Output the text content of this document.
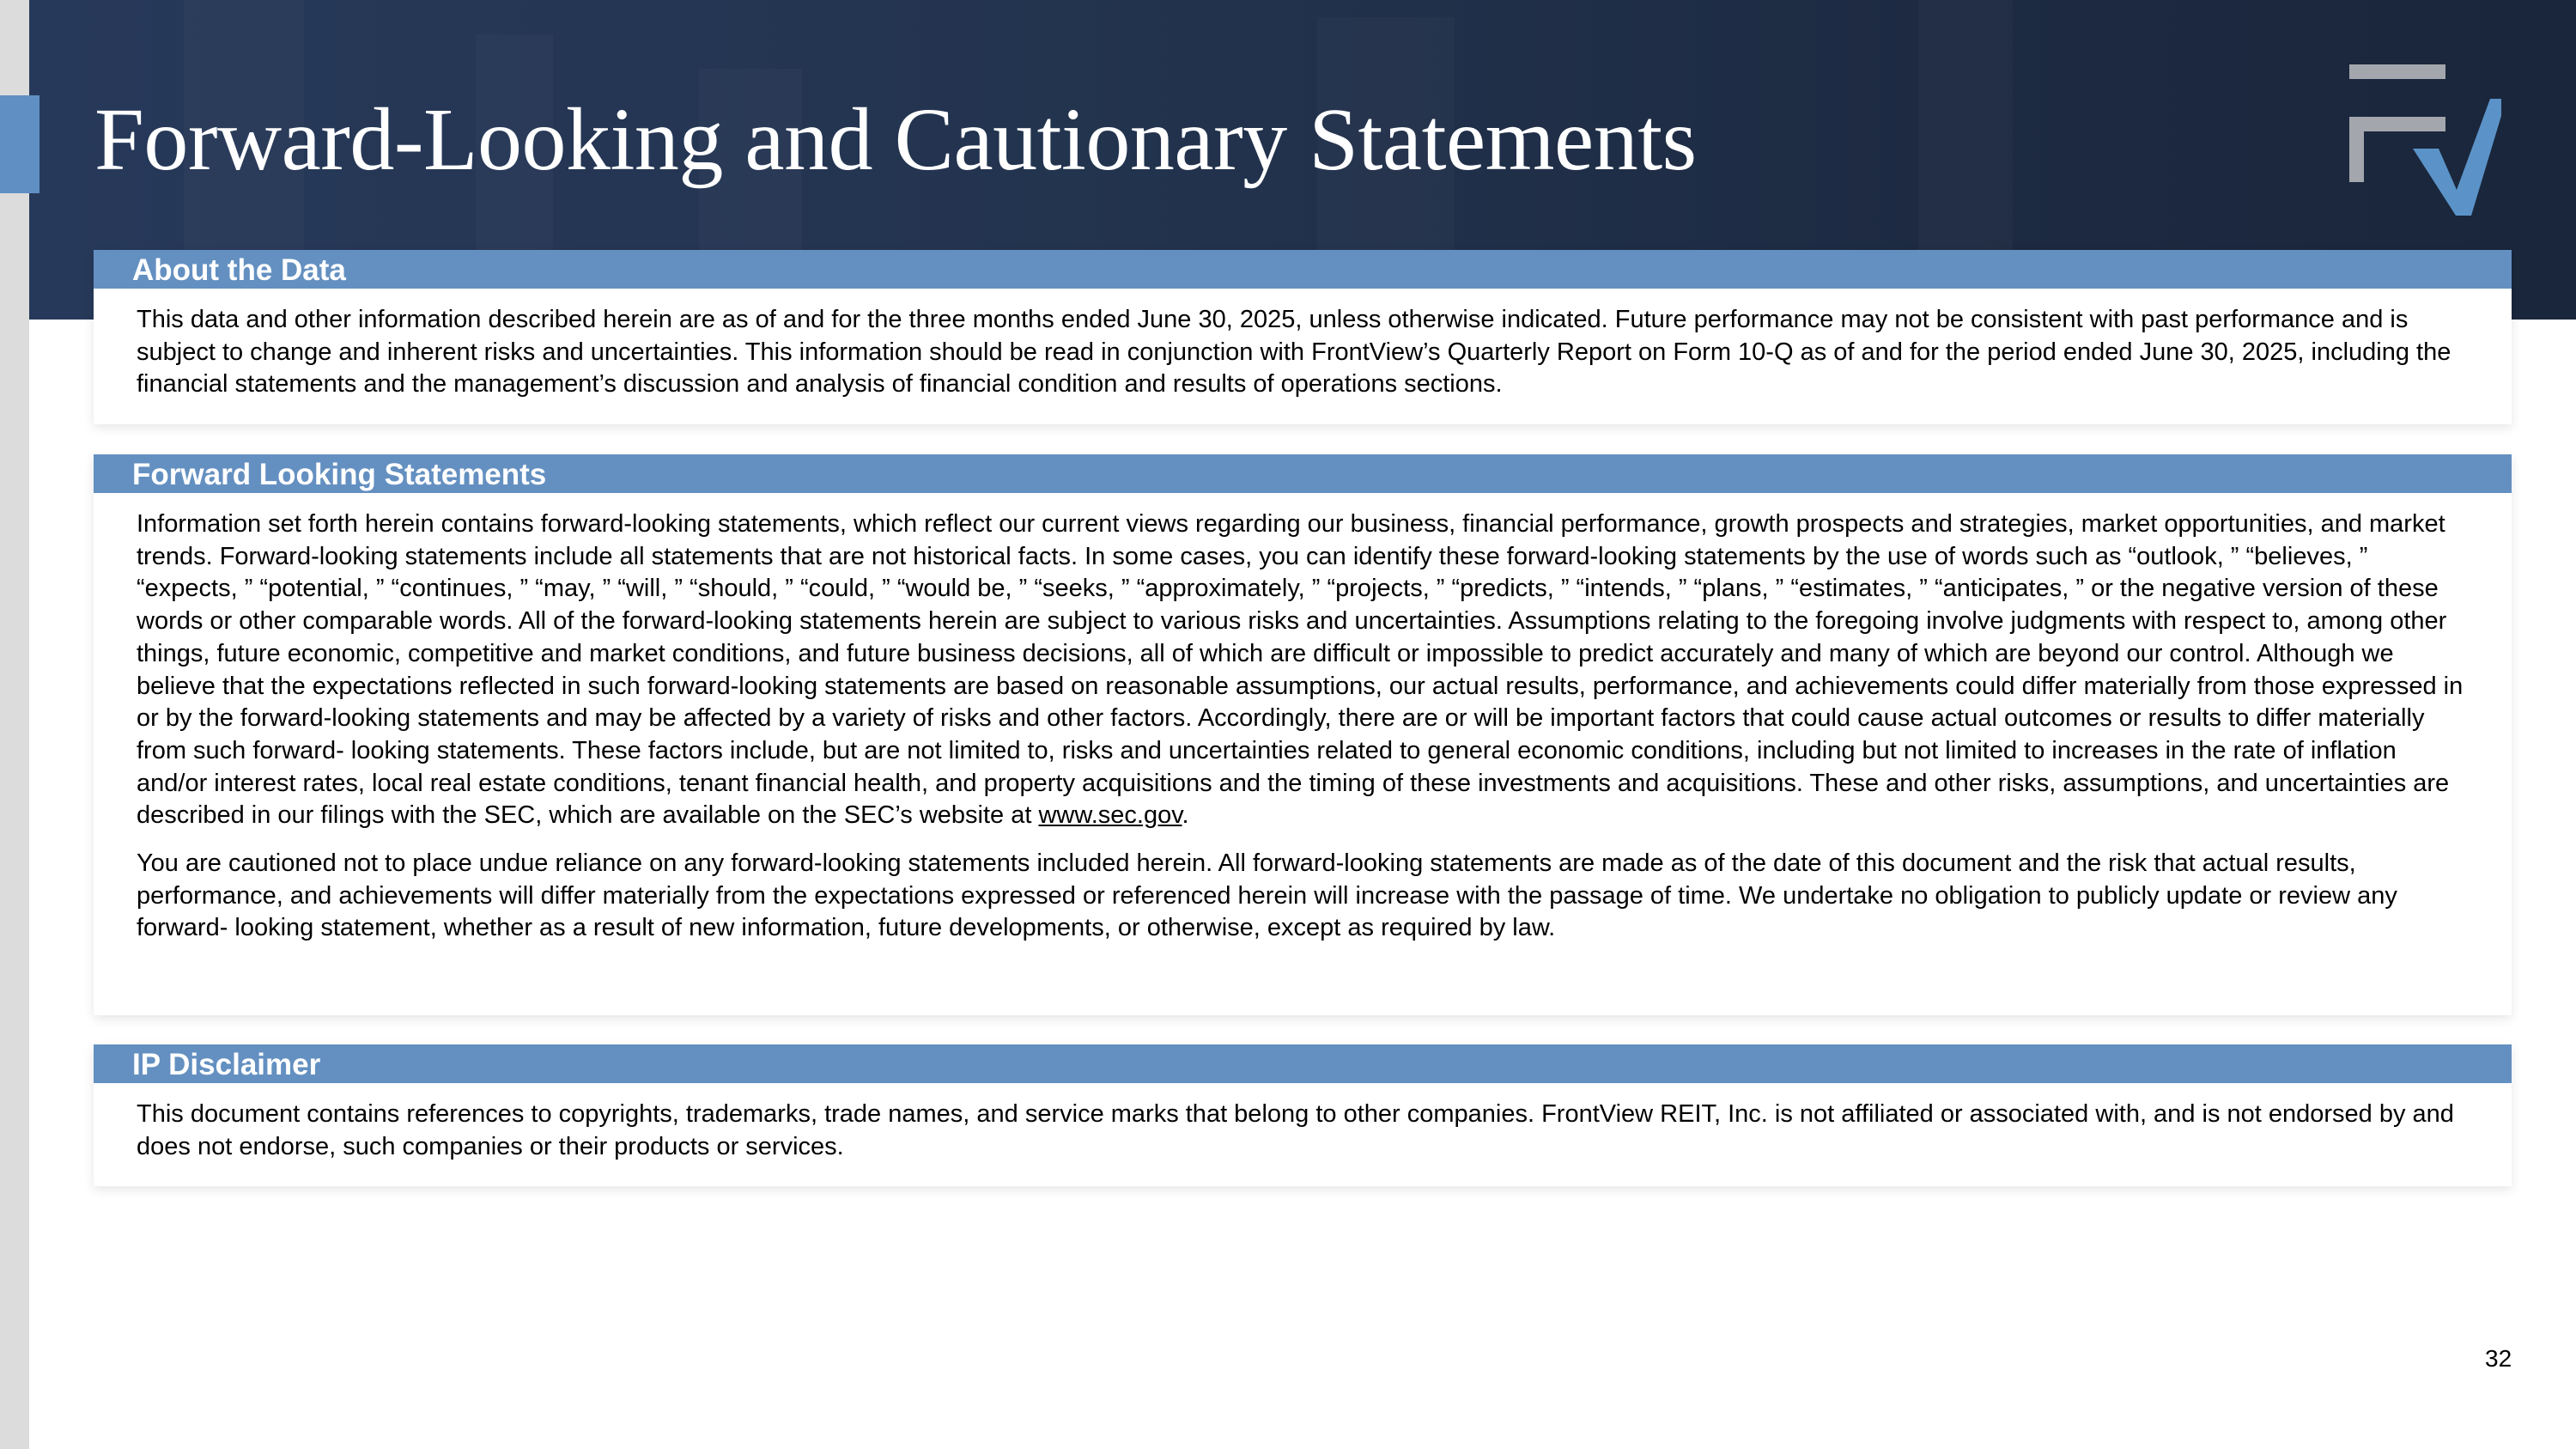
Forward-Looking and Cautionary Statements
About the Data

This data and other information described herein are as of and for the three months ended June 30, 2025, unless otherwise indicated. Future performance may not be consistent with past performance and is subject to change and inherent risks and uncertainties. This information should be read in conjunction with FrontView’s Quarterly Report on Form 10-Q as of and for the period ended June 30, 2025, including the financial statements and the management’s discussion and analysis of financial condition and results of operations sections.

Forward Looking Statements

Information set forth herein contains forward-looking statements, which reflect our current views regarding our business, financial performance, growth prospects and strategies, market opportunities, and market trends. Forward-looking statements include all statements that are not historical facts. In some cases, you can identify these forward-looking statements by the use of words such as “outlook, ” “believes, ” “expects, ” “potential, ” “continues, ” “may, ” “will, ” “should, ” “could, ” “would be, ” “seeks, ” “approximately, ” “projects, ” “predicts, ” “intends, ” “plans, ” “estimates, ” “anticipates, ” or the negative version of these words or other comparable words. All of the forward-looking statements herein are subject to various risks and uncertainties. Assumptions relating to the foregoing involve judgments with respect to, among other things, future economic, competitive and market conditions, and future business decisions, all of which are difficult or impossible to predict accurately and many of which are beyond our control. Although we believe that the expectations reflected in such forward-looking statements are based on reasonable assumptions, our actual results, performance, and achievements could differ materially from those expressed in or by the forward-looking statements and may be affected by a variety of risks and other factors. Accordingly, there are or will be important factors that could cause actual outcomes or results to differ materially from such forward- looking statements. These factors include, but are not limited to, risks and uncertainties related to general economic conditions, including but not limited to increases in the rate of inflation and/or interest rates, local real estate conditions, tenant financial health, and property acquisitions and the timing of these investments and acquisitions. These and other risks, assumptions, and uncertainties are described in our filings with the SEC, which are available on the SEC’s website at www.sec.gov.

You are cautioned not to place undue reliance on any forward-looking statements included herein. All forward-looking statements are made as of the date of this document and the risk that actual results, performance, and achievements will differ materially from the expectations expressed or referenced herein will increase with the passage of time. We undertake no obligation to publicly update or review any forward- looking statement, whether as a result of new information, future developments, or otherwise, except as required by law.

IP Disclaimer

This document contains references to copyrights, trademarks, trade names, and service marks that belong to other companies. FrontView REIT, Inc. is not affiliated or associated with, and is not endorsed by and does not endorse, such companies or their products or services.

32
